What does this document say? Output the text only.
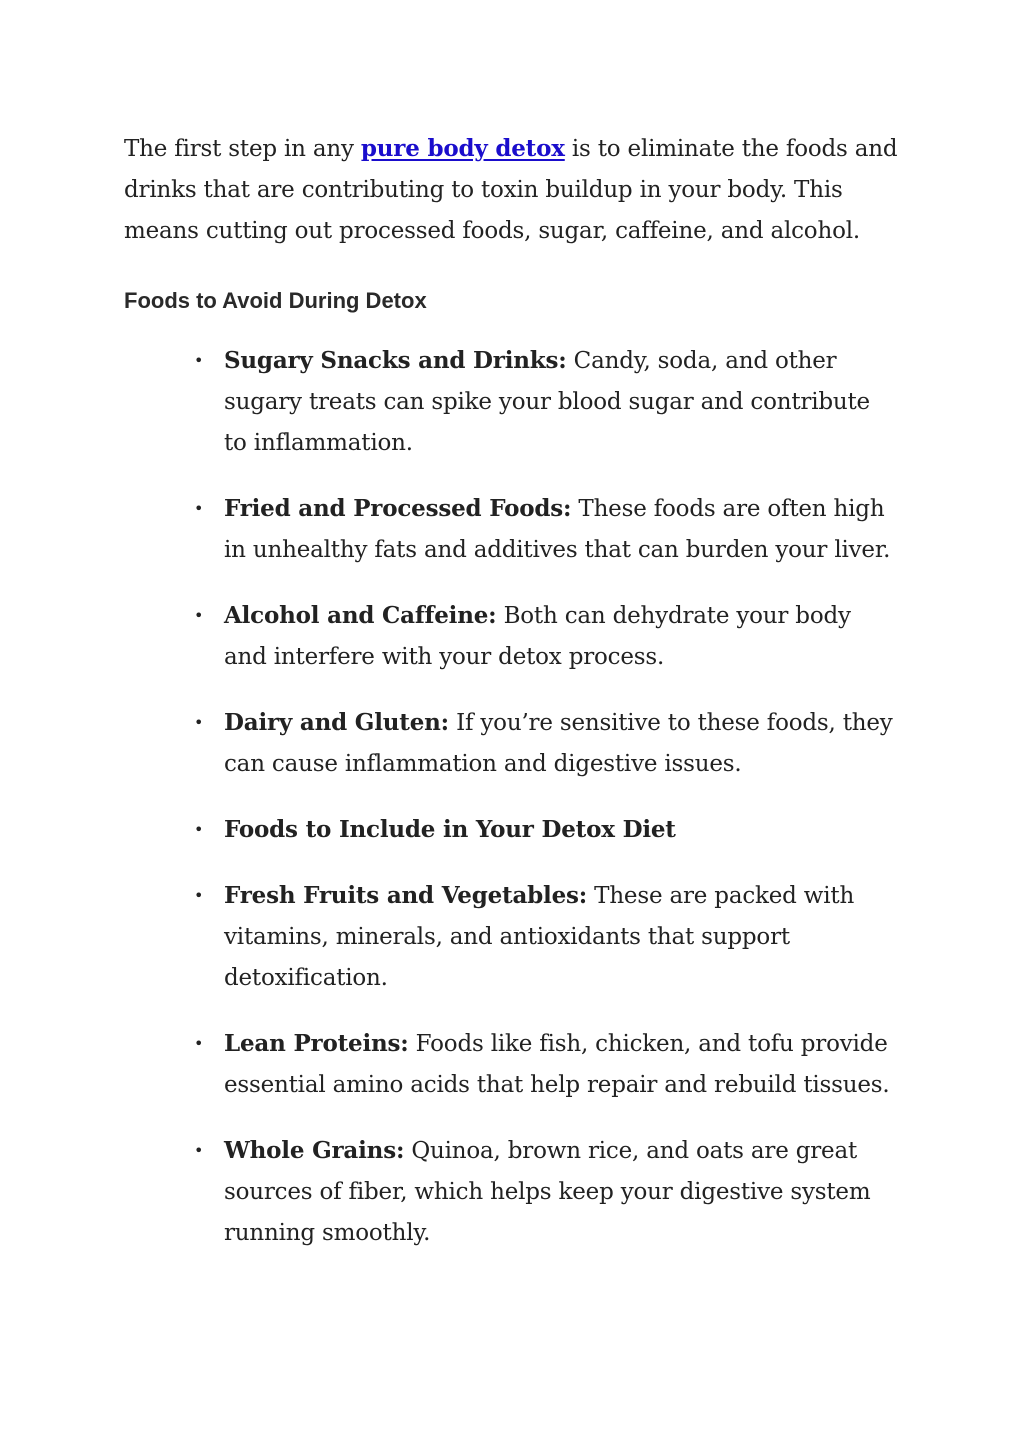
The first step in any pure body detox is to eliminate the foods and drinks that are contributing to toxin buildup in your body. This means cutting out processed foods, sugar, caffeine, and alcohol.

Foods to Avoid During Detox
• Sugary Snacks and Drinks: Candy, soda, and other sugary treats can spike your blood sugar and contribute to inflammation.
• Fried and Processed Foods: These foods are often high in unhealthy fats and additives that can burden your liver.
• Alcohol and Caffeine: Both can dehydrate your body and interfere with your detox process.
• Dairy and Gluten: If you’re sensitive to these foods, they can cause inflammation and digestive issues.
• Foods to Include in Your Detox Diet
• Fresh Fruits and Vegetables: These are packed with vitamins, minerals, and antioxidants that support detoxification.
• Lean Proteins: Foods like fish, chicken, and tofu provide essential amino acids that help repair and rebuild tissues.
• Whole Grains: Quinoa, brown rice, and oats are great sources of fiber, which helps keep your digestive system running smoothly.
